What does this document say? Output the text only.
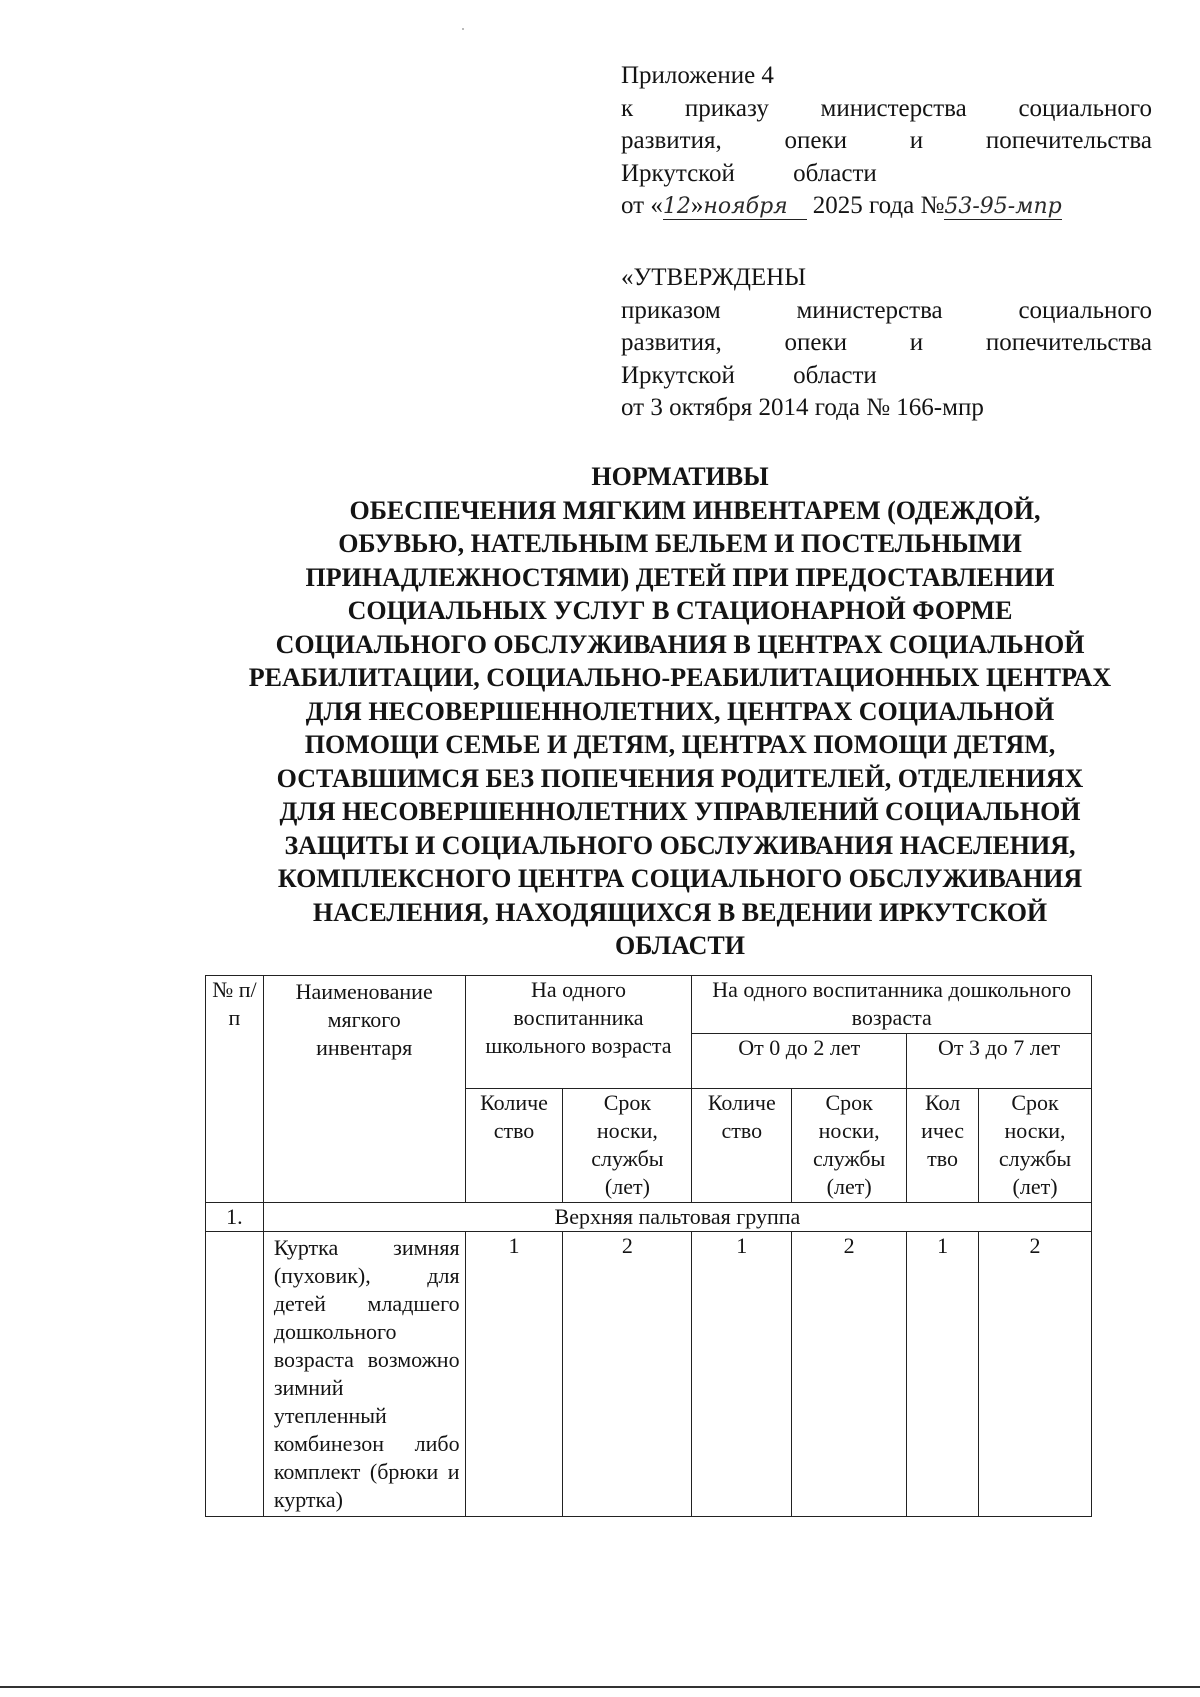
Приложение 4
к приказу министерства социального
развития, опеки и попечительства
Иркутской области
от «12»ноября 2025 года №53-95-мпр
«УТВЕРЖДЕНЫ
приказом министерства социального
развития, опеки и попечительства
Иркутской области
от 3 октября 2014 года № 166-мпр
НОРМАТИВЫ
ОБЕСПЕЧЕНИЯ МЯГКИМ ИНВЕНТАРЕМ (ОДЕЖДОЙ,
ОБУВЬЮ, НАТЕЛЬНЫМ БЕЛЬЕМ И ПОСТЕЛЬНЫМИ
ПРИНАДЛЕЖНОСТЯМИ) ДЕТЕЙ ПРИ ПРЕДОСТАВЛЕНИИ
СОЦИАЛЬНЫХ УСЛУГ В СТАЦИОНАРНОЙ ФОРМЕ
СОЦИАЛЬНОГО ОБСЛУЖИВАНИЯ В ЦЕНТРАХ СОЦИАЛЬНОЙ
РЕАБИЛИТАЦИИ, СОЦИАЛЬНО-РЕАБИЛИТАЦИОННЫХ ЦЕНТРАХ
ДЛЯ НЕСОВЕРШЕННОЛЕТНИХ, ЦЕНТРАХ СОЦИАЛЬНОЙ
ПОМОЩИ СЕМЬЕ И ДЕТЯМ, ЦЕНТРАХ ПОМОЩИ ДЕТЯМ,
ОСТАВШИМСЯ БЕЗ ПОПЕЧЕНИЯ РОДИТЕЛЕЙ, ОТДЕЛЕНИЯХ
ДЛЯ НЕСОВЕРШЕННОЛЕТНИХ УПРАВЛЕНИЙ СОЦИАЛЬНОЙ
ЗАЩИТЫ И СОЦИАЛЬНОГО ОБСЛУЖИВАНИЯ НАСЕЛЕНИЯ,
КОМПЛЕКСНОГО ЦЕНТРА СОЦИАЛЬНОГО ОБСЛУЖИВАНИЯ
НАСЕЛЕНИЯ, НАХОДЯЩИХСЯ В ВЕДЕНИИ ИРКУТСКОЙ
ОБЛАСТИ
№ п/п	Наименование мягкого инвентаря	На одного воспитанника школьного возраста		На одного воспитанника дошкольного возраста			
				От 0 до 2 лет		От 3 до 7 лет	
		Количе ство	Срок носки, службы (лет)	Количе ство	Срок носки, службы (лет)	Кол ичес тво	Срок носки, службы (лет)
1.	Верхняя пальтовая группа						
	Куртка зимняя (пуховик), для детей младшего дошкольного возраста возможно зимний утепленный комбинезон либо комплект (брюки и куртка)	1	2	1	2	1	2
